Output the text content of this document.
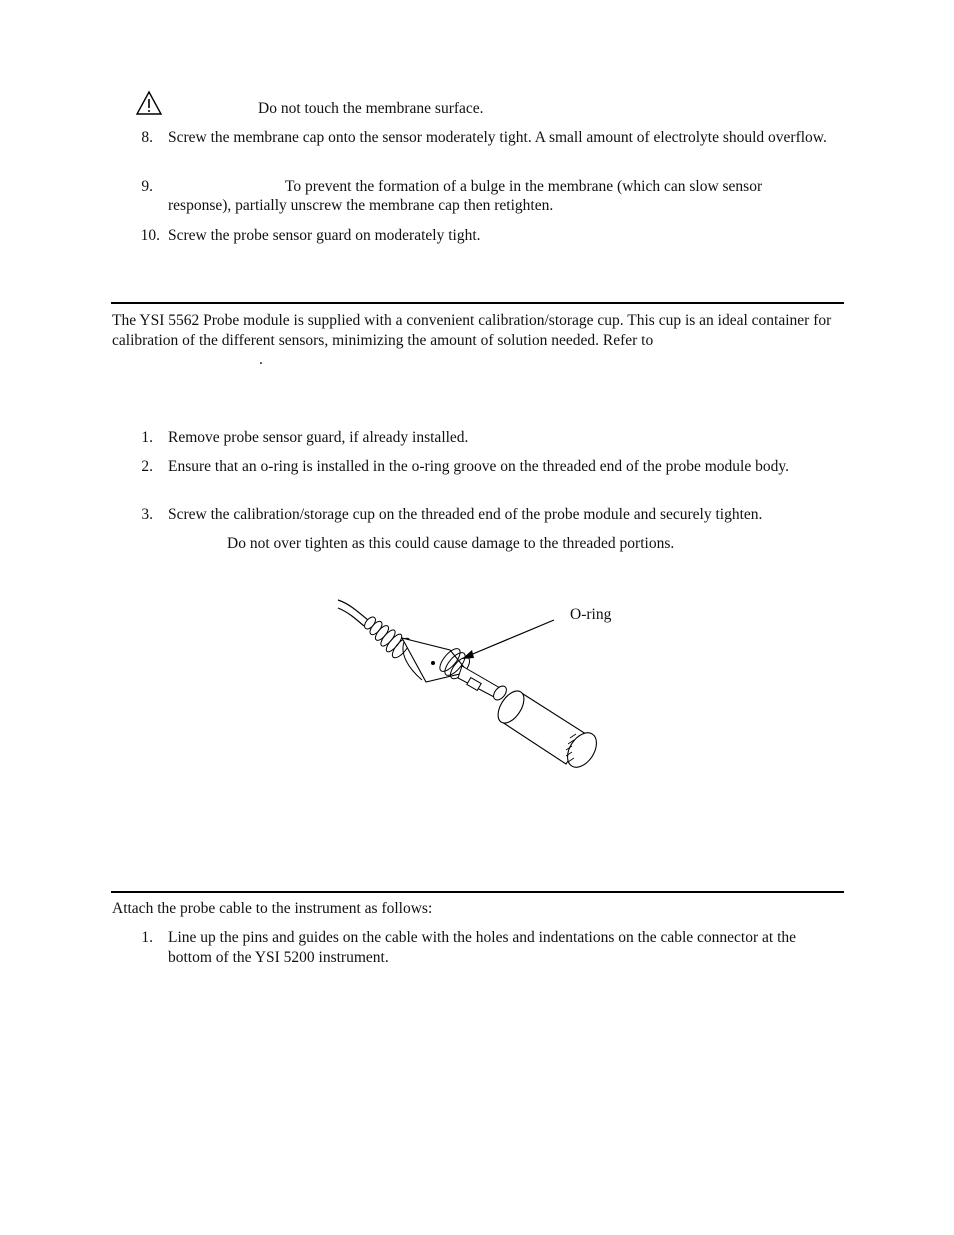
Do not touch the membrane surface.
8. Screw the membrane cap onto the sensor moderately tight. A small amount of electrolyte should overflow.
9.	To prevent the formation of a bulge in the membrane (which can slow sensor
response), partially unscrew the membrane cap then retighten.
10. Screw the probe sensor guard on moderately tight.
The YSI 5562 Probe module is supplied with a convenient calibration/storage cup. This cup is an ideal container for calibration of the different sensors, minimizing the amount of solution needed. Refer to
.
1. Remove probe sensor guard, if already installed.
2. Ensure that an o-ring is installed in the o-ring groove on the threaded end of the probe module body.
3. Screw the calibration/storage cup on the threaded end of the probe module and securely tighten.
Do not over tighten as this could cause damage to the threaded portions.
O-ring
Attach the probe cable to the instrument as follows:
1. Line up the pins and guides on the cable with the holes and indentations on the cable connector at the bottom of the YSI 5200 instrument.
